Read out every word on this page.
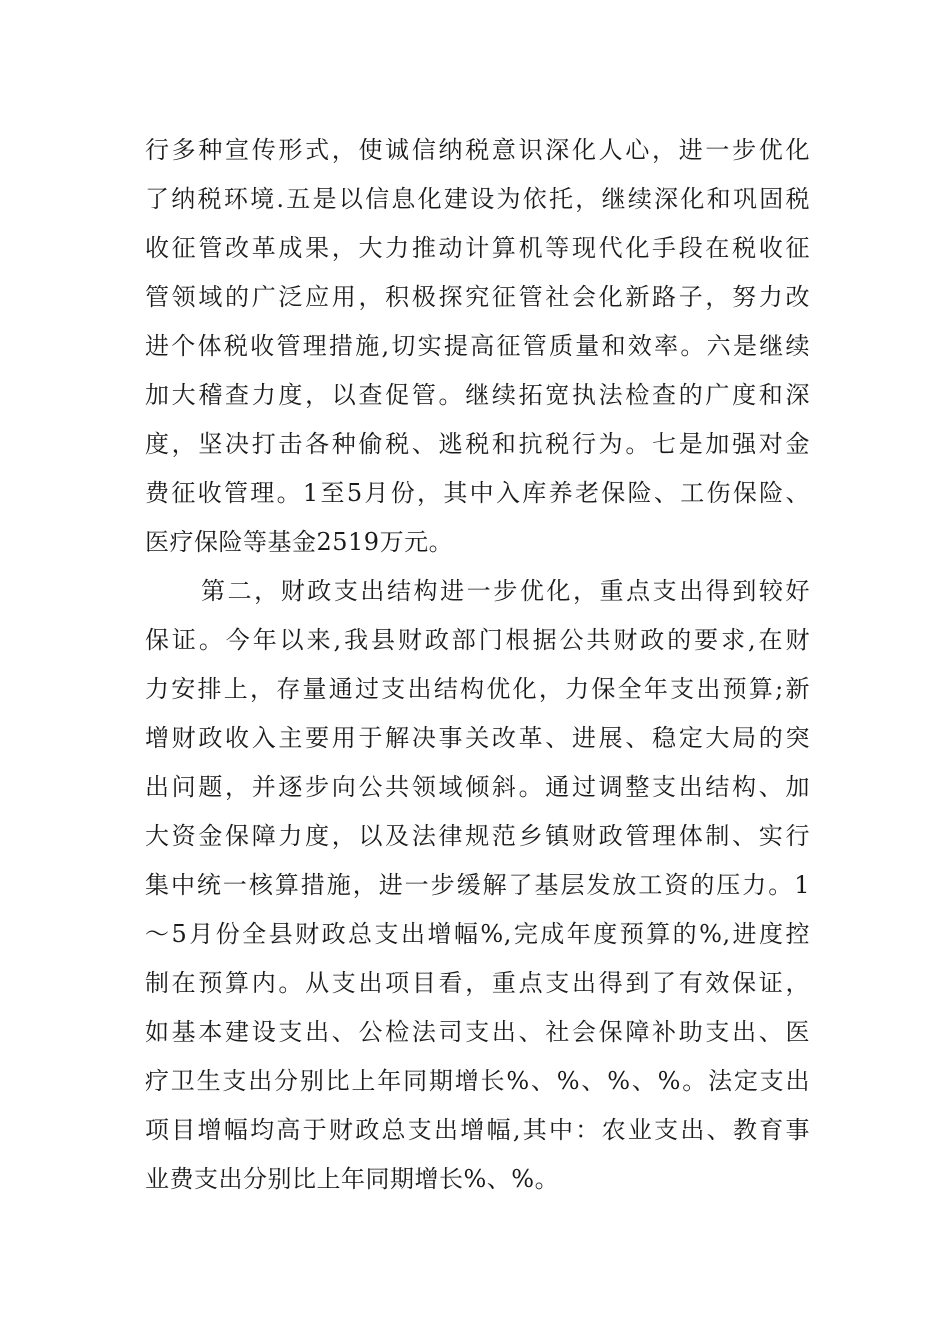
行多种宣传形式，使诚信纳税意识深化人心，进一步优化
了纳税环境.五是以信息化建设为依托，继续深化和巩固税
收征管改革成果，大力推动计算机等现代化手段在税收征
管领域的广泛应用，积极探究征管社会化新路子，努力改
进个体税收管理措施,切实提高征管质量和效率。六是继续
加大稽查力度，以查促管。继续拓宽执法检查的广度和深
度，坚决打击各种偷税、逃税和抗税行为。七是加强对金
费征收管理。1至5月份，其中入库养老保险、工伤保险、
医疗保险等基金2519万元。
第二，财政支出结构进一步优化，重点支出得到较好
保证。今年以来,我县财政部门根据公共财政的要求,在财
力安排上，存量通过支出结构优化，力保全年支出预算;新
增财政收入主要用于解决事关改革、进展、稳定大局的突
出问题，并逐步向公共领域倾斜。通过调整支出结构、加
大资金保障力度，以及法律规范乡镇财政管理体制、实行
集中统一核算措施，进一步缓解了基层发放工资的压力。1
～5月份全县财政总支出增幅%,完成年度预算的%,进度控
制在预算内。从支出项目看，重点支出得到了有效保证，
如基本建设支出、公检法司支出、社会保障补助支出、医
疗卫生支出分别比上年同期增长%、%、%、%。法定支出
项目增幅均高于财政总支出增幅,其中：农业支出、教育事
业费支出分别比上年同期增长%、%。
